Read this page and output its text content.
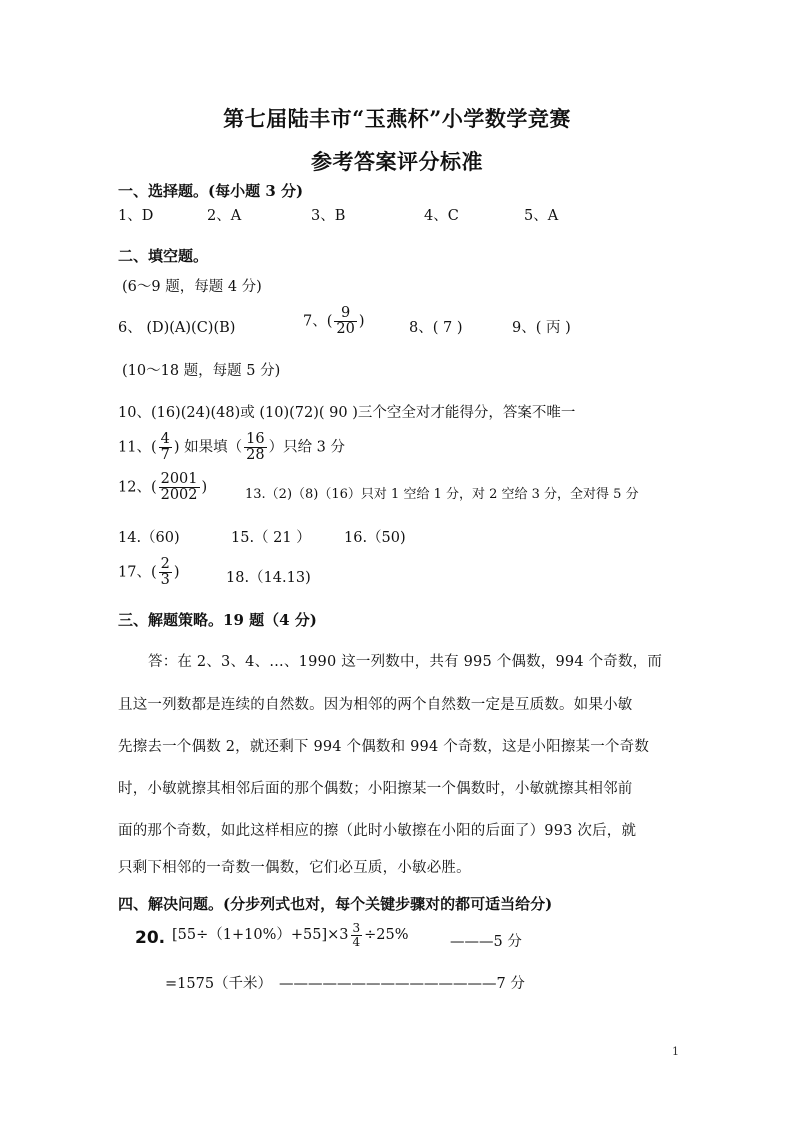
第七届陆丰市“玉燕杯”小学数学竞赛
参考答案评分标准
一、选择题。(每小题 3 分)
1、D	2、A	3、B	4、C	5、A
二、填空题。
(6～9 题，每题 4 分)
6、 (D)(A)(C)(B)	7、( $\frac{9}{20}$ )	8、( 7 )	9、( 丙 )
(10～18 题，每题 5 分)
10、(16)(24)(48)或 (10)(72)( 90 )三个空全对才能得分，答案不唯一
11、( $\frac{4}{7}$ ) 如果填（ $\frac{16}{28}$ ）只给 3 分
12、( $\frac{2001}{2002}$ )	13.（2)（8)（16）只对 1 空给 1 分，对 2 空给 3 分，全对得 5 分
14.（60)	15.（ 21 ） 16.（50)
17、( $\frac{2}{3}$ )	18.（14.13)
三、解题策略。19 题（4 分)
答：在 2、3、4、…、1990 这一列数中，共有 995 个偶数，994 个奇数，而
且这一列数都是连续的自然数。因为相邻的两个自然数一定是互质数。如果小敏
先擦去一个偶数 2，就还剩下 994 个偶数和 994 个奇数，这是小阳擦某一个奇数
时，小敏就擦其相邻后面的那个偶数；小阳擦某一个偶数时，小敏就擦其相邻前
面的那个奇数，如此这样相应的擦（此时小敏擦在小阳的后面了）993 次后，就
只剩下相邻的一奇数一偶数，它们必互质，小敏必胜。
四、解决问题。(分步列式也对，每个关键步骤对的都可适当给分)
20. $[55\div(1+10\%)+55]\times 3 \frac{3}{4} \div 25\%$	———5 分
=1575（千米） ———————————————7 分
1
